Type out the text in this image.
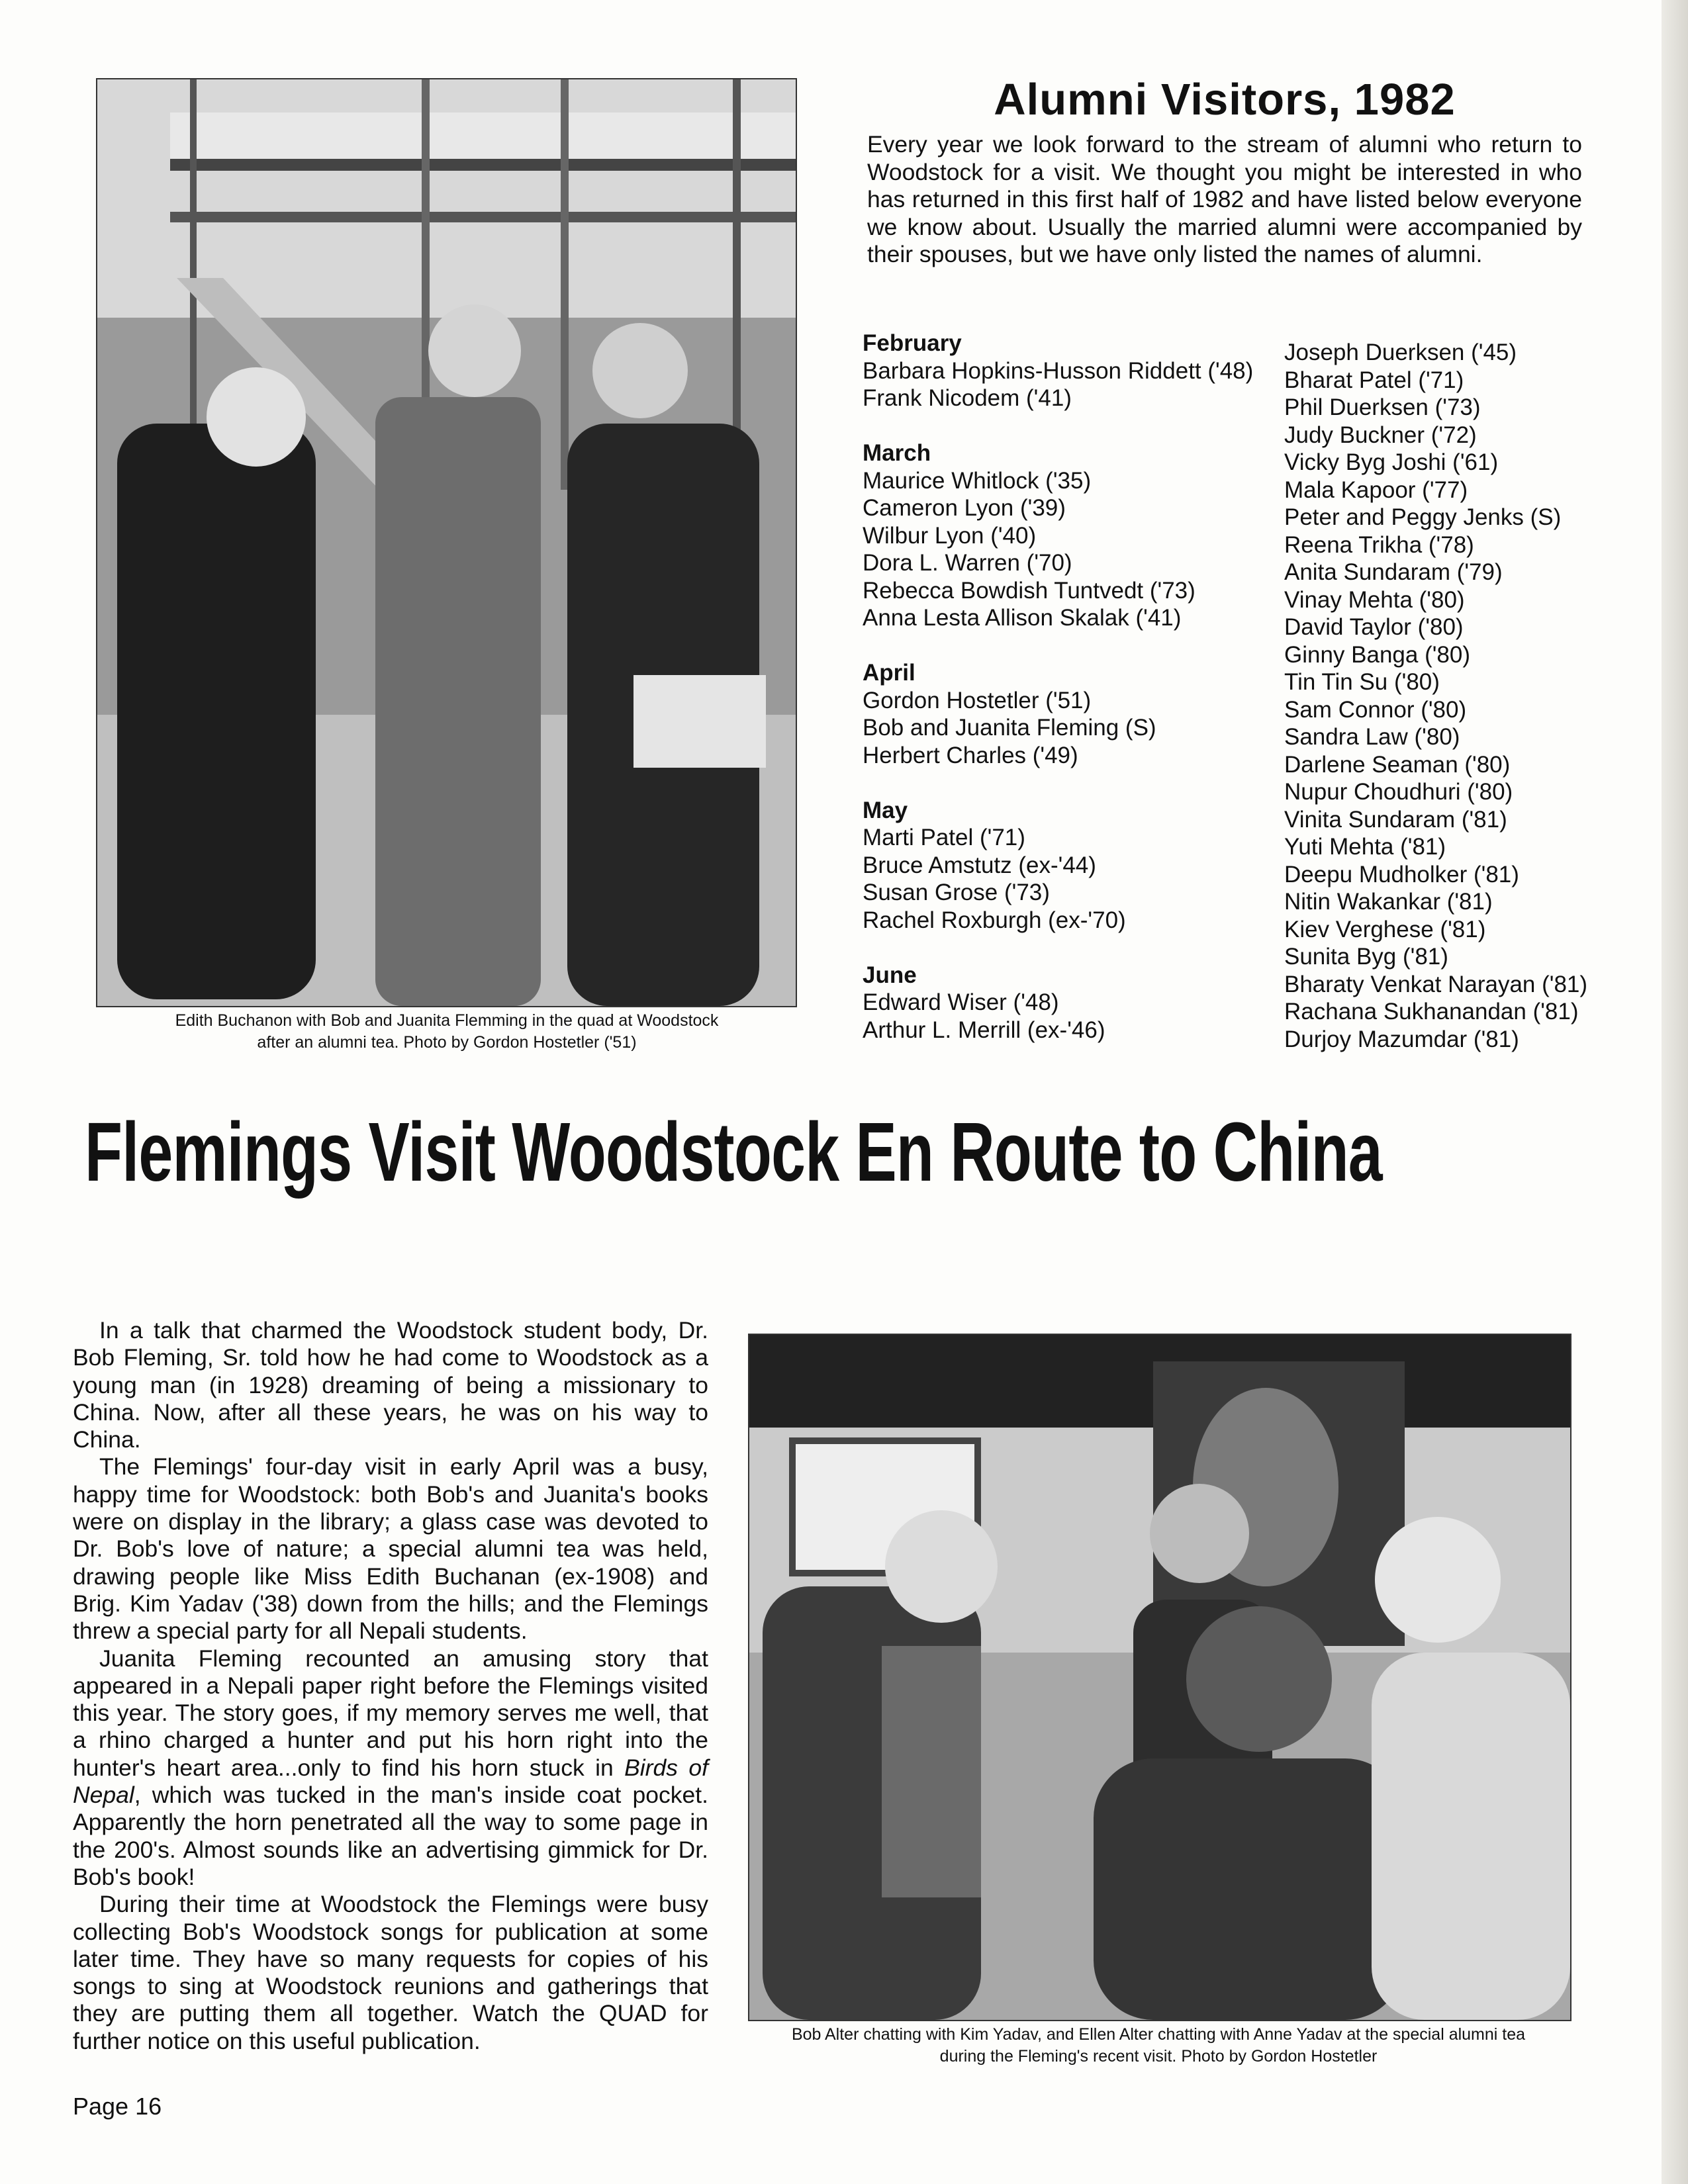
Edith Buchanon with Bob and Juanita Flemming in the quad at Woodstock

after an alumni tea. Photo by Gordon Hostetler ('51)

Alumni Visitors, 1982

Every year we look forward to the stream of alumni who return to Woodstock for a visit. We thought you might be interested in who has returned in this first half of 1982 and have listed below everyone we know about. Usually the married alumni were accompanied by their spouses, but we have only listed the names of alumni.

February

Barbara Hopkins-Husson Riddett ('48)

Frank Nicodem ('41)

March

Maurice Whitlock ('35)

Cameron Lyon ('39)

Wilbur Lyon ('40)

Dora L. Warren ('70)

Rebecca Bowdish Tuntvedt ('73)

Anna Lesta Allison Skalak ('41)

April

Gordon Hostetler ('51)

Bob and Juanita Fleming (S)

Herbert Charles ('49)

May

Marti Patel ('71)

Bruce Amstutz (ex-'44)

Susan Grose ('73)

Rachel Roxburgh (ex-'70)

June

Edward Wiser ('48)

Arthur L. Merrill (ex-'46)

Joseph Duerksen ('45)

Bharat Patel ('71)

Phil Duerksen ('73)

Judy Buckner ('72)

Vicky Byg Joshi ('61)

Mala Kapoor ('77)

Peter and Peggy Jenks (S)

Reena Trikha ('78)

Anita Sundaram ('79)

Vinay Mehta ('80)

David Taylor ('80)

Ginny Banga ('80)

Tin Tin Su ('80)

Sam Connor ('80)

Sandra Law ('80)

Darlene Seaman ('80)

Nupur Choudhuri ('80)

Vinita Sundaram ('81)

Yuti Mehta ('81)

Deepu Mudholker ('81)

Nitin Wakankar ('81)

Kiev Verghese ('81)

Sunita Byg ('81)

Bharaty Venkat Narayan ('81)

Rachana Sukhanandan ('81)

Durjoy Mazumdar ('81)

Flemings Visit Woodstock En Route to China

In a talk that charmed the Woodstock student body, Dr. Bob Fleming, Sr. told how he had come to Woodstock as a young man (in 1928) dreaming of being a missionary to China. Now, after all these years, he was on his way to China.

The Flemings' four-day visit in early April was a busy, happy time for Woodstock: both Bob's and Juanita's books were on display in the library; a glass case was devoted to Dr. Bob's love of nature; a special alumni tea was held, drawing people like Miss Edith Buchanan (ex-1908) and Brig. Kim Yadav ('38) down from the hills; and the Flemings threw a special party for all Nepali students.

Juanita Fleming recounted an amusing story that appeared in a Nepali paper right before the Flemings visited this year. The story goes, if my memory serves me well, that a rhino charged a hunter and put his horn right into the hunter's heart area...only to find his horn stuck in Birds of Nepal, which was tucked in the man's inside coat pocket. Apparently the horn penetrated all the way to some page in the 200's. Almost sounds like an advertising gimmick for Dr. Bob's book!

During their time at Woodstock the Flemings were busy collecting Bob's Woodstock songs for publication at some later time. They have so many requests for copies of his songs to sing at Woodstock reunions and gatherings that they are putting them all together. Watch the QUAD for further notice on this useful publication.	Bob Alter chatting with Kim Yadav, and Ellen Alter chatting with Anne Yadav at the special alumni tea

during the Fleming's recent visit. Photo by Gordon Hostetler

Page 16
